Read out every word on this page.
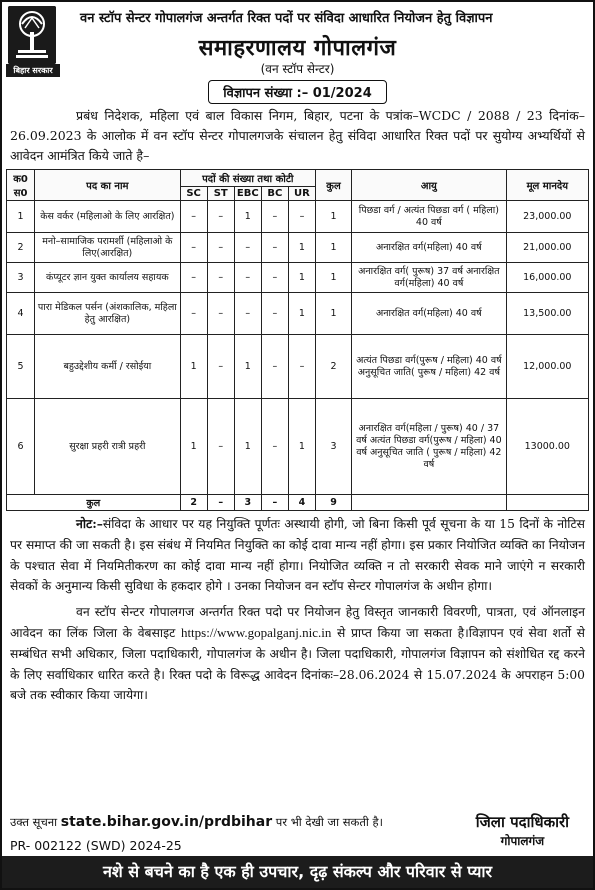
बिहार सरकार
वन स्टॉप सेन्टर गोपालगंज अन्तर्गत रिक्त पदों पर संविदा आधारित नियोजन हेतु विज्ञापन
समाहरणालय गोपालगंज
(वन स्टॉप सेन्टर)
विज्ञापन संख्या :– 01/2024
प्रबंध निदेशक, महिला एवं बाल विकास निगम, बिहार, पटना के पत्रांक–WCDC / 2088 / 23 दिनांक–26.09.2023 के आलोक में वन स्टॉप सेन्टर गोपालगजके संचालन हेतु संविदा आधारित रिक्त पदों पर सुयोग्य अभ्यर्थियों से आवेदन आमंत्रित किये जाते है–
क0 स0	पद का नाम	पदों की संख्या तथा कोटी					कुल	आयु	मूल मानदेय
		SC	ST	EBC	BC	UR			
1	केस वर्कर (महिलाओ के लिए आरक्षित)	–	–	1	–	–	1	पिछडा वर्ग / अत्यंत पिछडा वर्ग ( महिला) 40 वर्ष	23,000.00
2	मनो–सामाजिक परामर्शी (महिलाओ के लिए(आरक्षित)	–	–	–	–	1	1	अनारक्षित वर्ग(महिला) 40 वर्ष	21,000.00
3	कंप्यूटर ज्ञान युक्त कार्यालय सहायक	–	–	–	–	1	1	अनारक्षित वर्ग( पुरूष) 37 वर्ष अनारक्षित वर्ग(महिला) 40 वर्ष	16,000.00
4	पारा मेडिकल पर्सन (अंशकालिक, महिला हेतु आरक्षित)	–	–	–	–	1	1	अनारक्षित वर्ग(महिला) 40 वर्ष	13,500.00
5	बहुउद्देशीय कर्मी / रसोईया	1	–	1	–	–	2	अत्यंत पिछडा वर्ग(पुरूष / महिला) 40 वर्ष अनुसूचित जाति( पुरूष / महिला) 42 वर्ष	12,000.00
6	सुरक्षा प्रहरी रात्री प्रहरी	1	–	1	–	1	3	अनारक्षित वर्ग(महिला / पुरूष) 40 / 37 वर्ष अत्यंत पिछडा वर्ग(पुरूष / महिला) 40 वर्ष अनुसूचित जाति ( पुरूष / महिला) 42 वर्ष	13000.00
कुल		2	–	3	–	4	9		
नोट:–संविदा के आधार पर यह नियुक्ति पूर्णतः अस्थायी होगी, जो बिना किसी पूर्व सूचना के या 15 दिनों के नोटिस पर समाप्त की जा सकती है। इस संबंध में नियमित नियुक्ति का कोई दावा मान्य नहीं होगा। इस प्रकार नियोजित व्यक्ति का नियोजन के पश्चात सेवा में नियमितीकरण का कोई दावा मान्य नहीं होगा। नियोजित व्यक्ति न तो सरकारी सेवक माने जाएंगे न सरकारी सेवकों के अनुमान्य किसी सुविधा के हकदार होगे । उनका नियोजन वन स्टॉप सेन्टर गोपालगंज के अधीन होगा।
वन स्टॉप सेन्टर गोपालगज अन्तर्गत रिक्त पदो पर नियोजन हेतु विस्तृत जानकारी विवरणी, पात्रता, एवं ऑनलाइन आवेदन का लिंक जिला के वेबसाइट https://www.gopalganj.nic.in से प्राप्त किया जा सकता है।विज्ञापन एवं सेवा शर्तो से सम्बंधित सभी अधिकार, जिला पदाधिकारी, गोपालगंज के अधीन है। जिला पदाधिकारी, गोपालगंज विज्ञापन को संशोधित रद्द करने के लिए सर्वाधिकार धारित करते है। रिक्त पदो के विरूद्ध आवेदन दिनांकः–28.06.2024 से 15.07.2024 के अपराहन 5:00 बजे तक स्वीकार किया जायेगा।
उक्त सूचना state.bihar.gov.in/prdbihar पर भी देखी जा सकती है।
PR- 002122 (SWD) 2024-25
जिला पदाधिकारी
गोपालगंज
नशे से बचने का है एक ही उपचार, दृढ़ संकल्प और परिवार से प्यार
